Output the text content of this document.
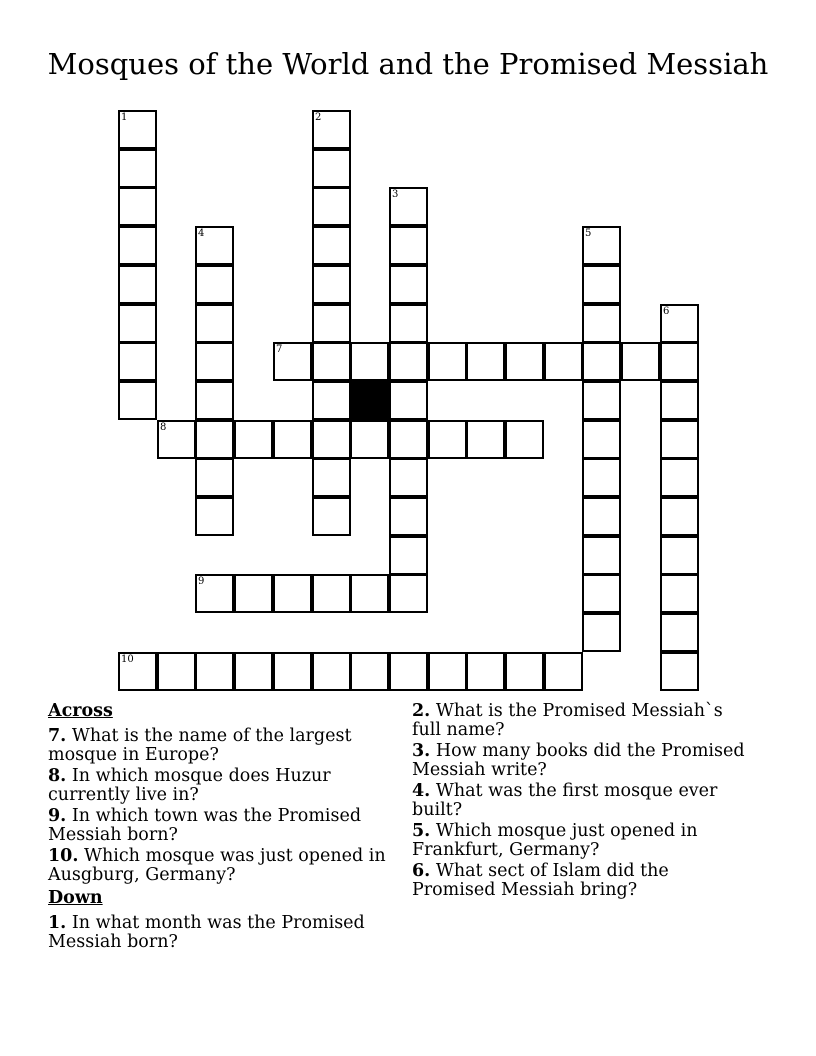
Mosques of the World and the Promised Messiah
1	2
3
4	5
6
7
8
9
10
Across
7. What is the name of the largest mosque in Europe?
8. In which mosque does Huzur currently live in?
9. In which town was the Promised Messiah born?
10. Which mosque was just opened in Ausgburg, Germany?
Down
1. In what month was the Promised Messiah born?
2. What is the Promised Messiah`s full name?
3. How many books did the Promised Messiah write?
4. What was the first mosque ever built?
5. Which mosque just opened in Frankfurt, Germany?
6. What sect of Islam did the Promised Messiah bring?
